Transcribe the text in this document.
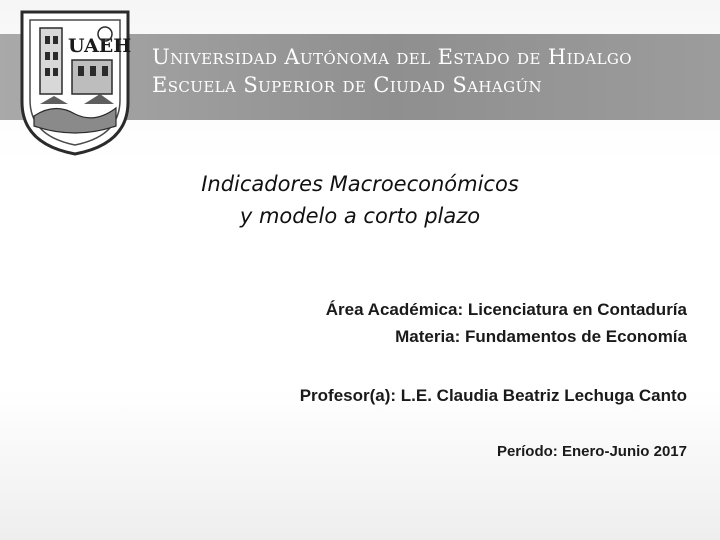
Universidad Autónoma del Estado de Hidalgo
Escuela Superior de Ciudad Sahagún
UAEH
Indicadores Macroeconómicos
y modelo a corto plazo
Área Académica: Licenciatura en Contaduría
Materia: Fundamentos de Economía
Profesor(a): L.E. Claudia Beatriz Lechuga Canto
Período: Enero-Junio 2017
